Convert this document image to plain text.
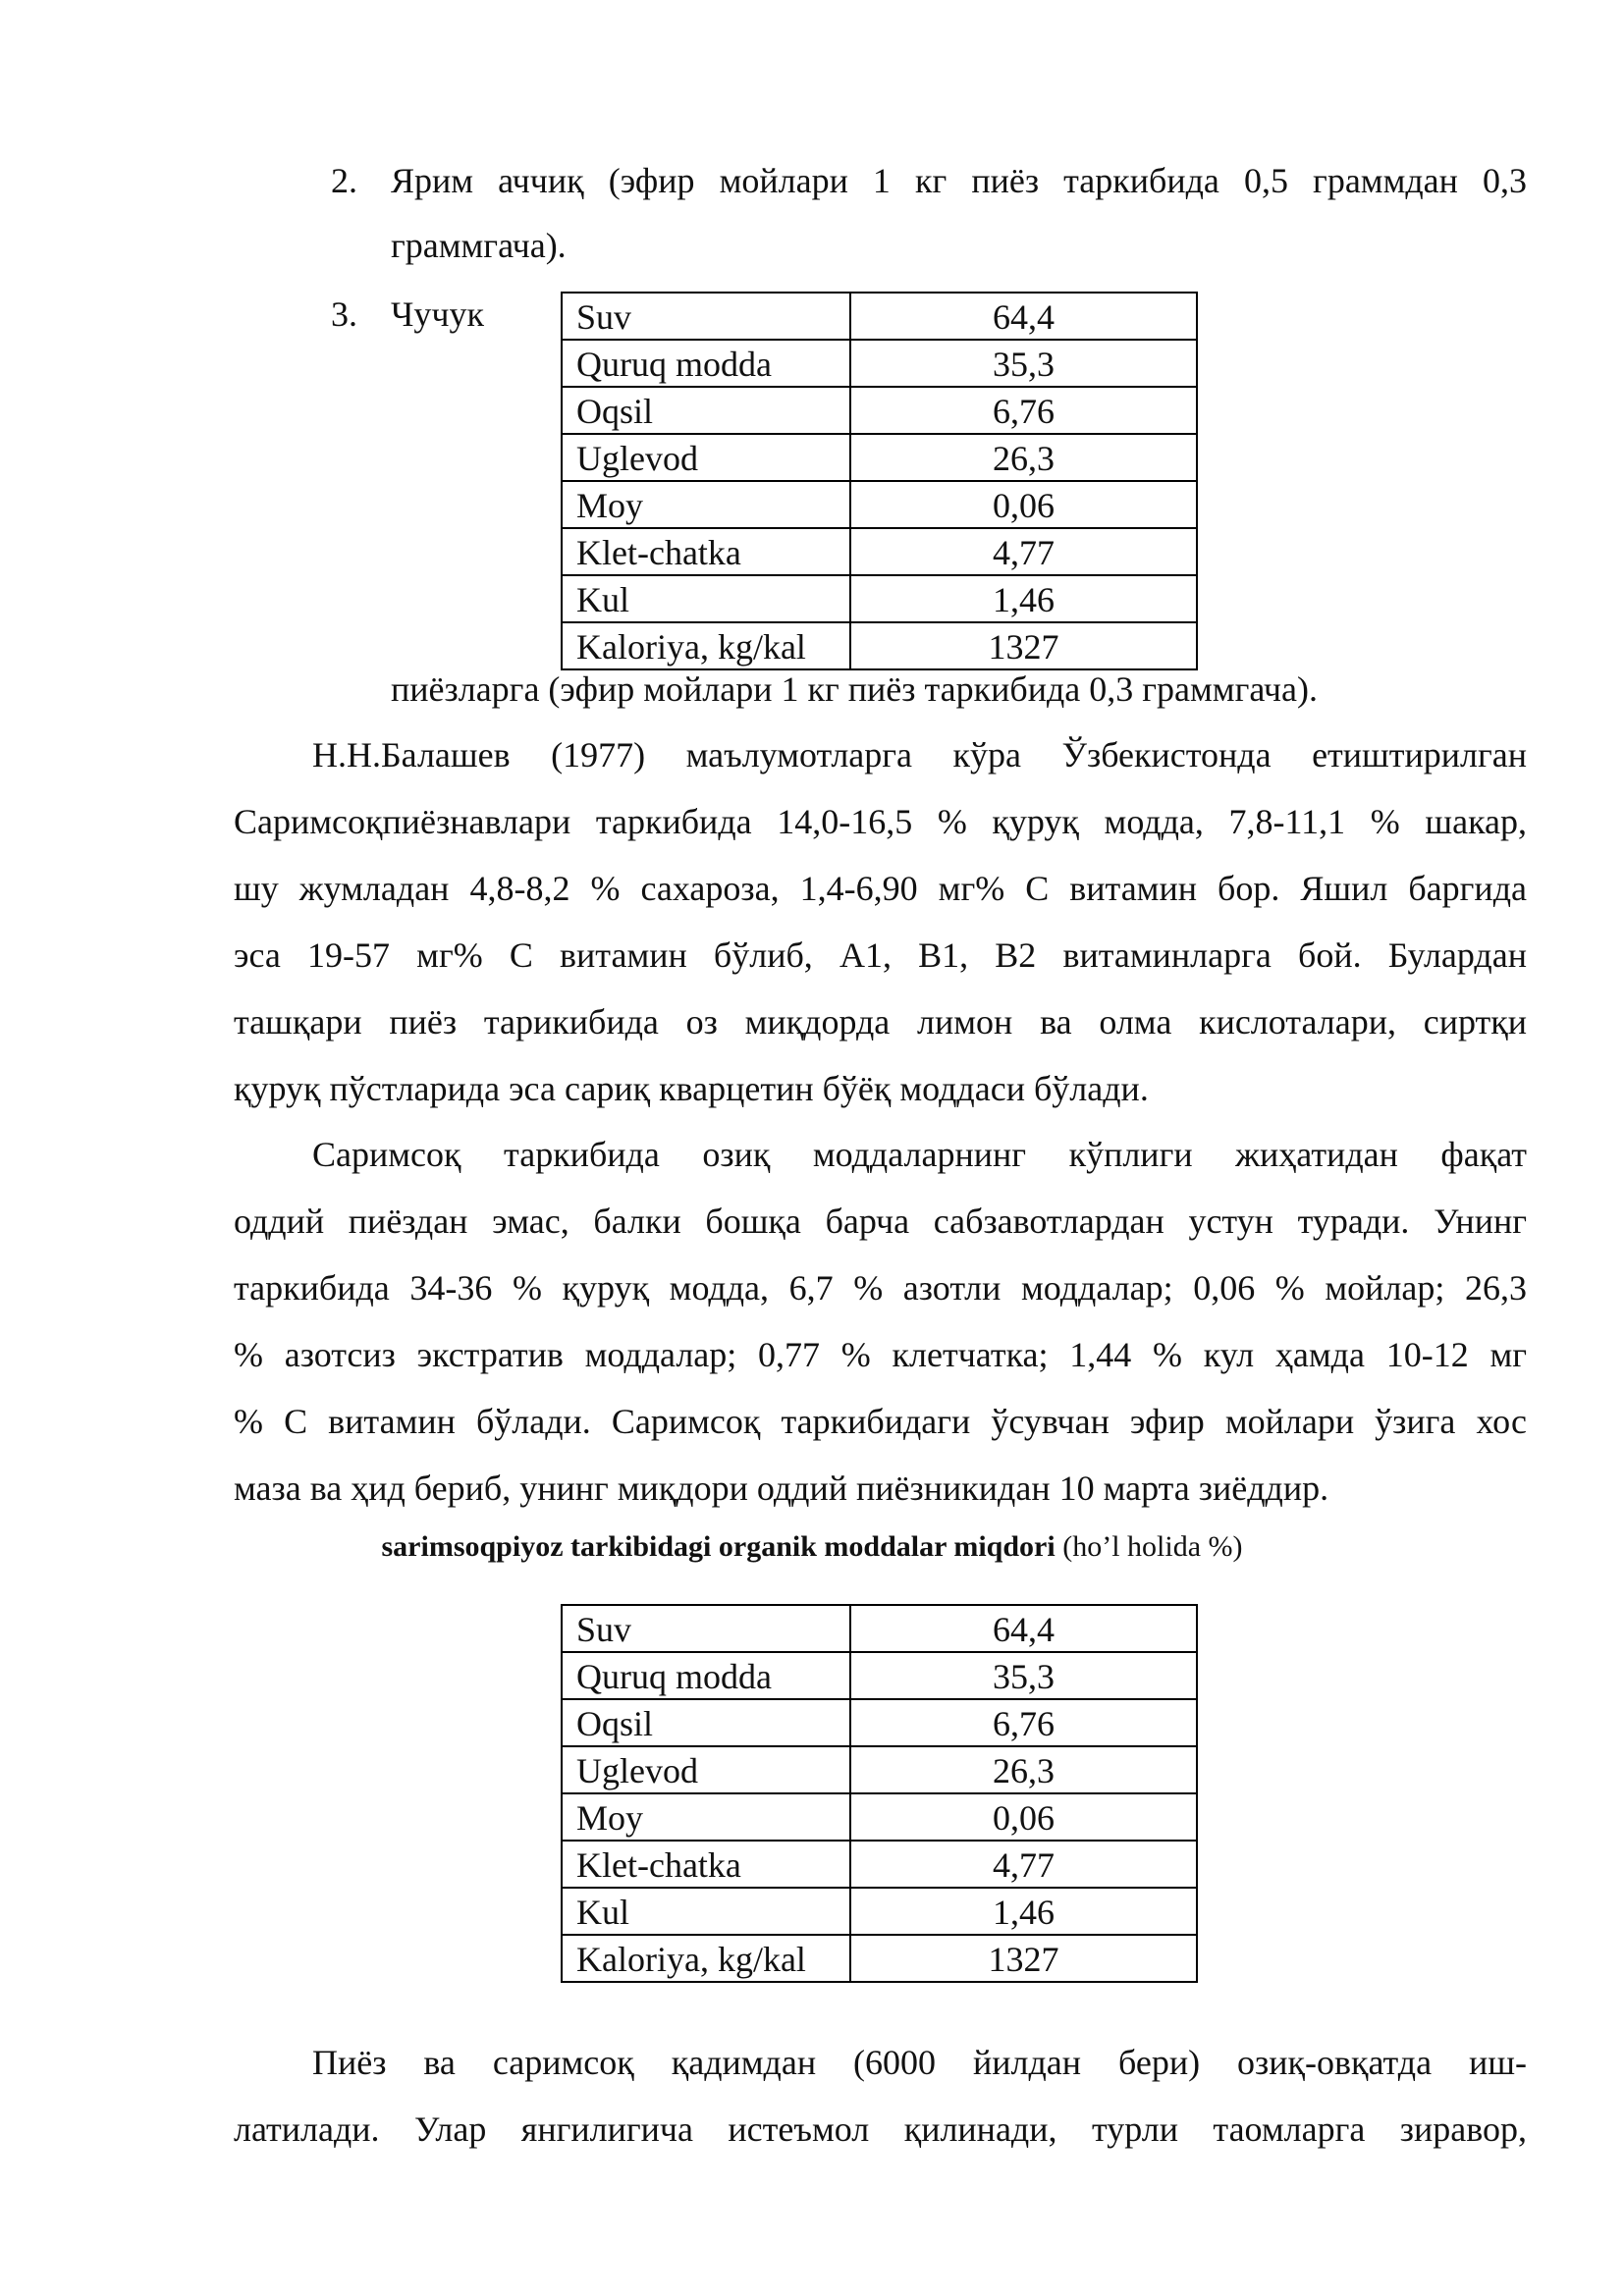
2. Ярим аччиқ (эфир мойлари 1 кг пиёз таркибида 0,5 граммдан 0,3
граммгача).
3. Чучук	Suv	64,4
Quruq modda	35,3
Oqsil	6,76
Uglevod	26,3
Moy	0,06
Klet-chatka	4,77
Kul	1,46
Kaloriya, kg/kal	1327
пиёзларга (эфир мойлари 1 кг пиёз таркибида 0,3 граммгача).
Н.Н.Балашев (1977) маълумотларга кўра Ўзбекистонда етиштирилган
Саримсоқпиёзнавлари таркибида 14,0-16,5 % қуруқ модда, 7,8-11,1 % шакар,
шу жумладан 4,8-8,2 % сахароза, 1,4-6,90 мг% С витамин бор. Яшил баргида
эса 19-57 мг% С витамин бўлиб, А1, В1, В2 витаминларга бой. Булардан
ташқари пиёз тарикибида оз миқдорда лимон ва олма кислоталари, сиртқи
қуруқ пўстларида эса сариқ кварцетин бўёқ моддаси бўлади.
Саримсоқ таркибида озиқ моддаларнинг кўплиги жиҳатидан фақат
оддий пиёздан эмас, балки бошқа барча сабзавотлардан устун туради. Унинг
таркибида 34-36 % қуруқ модда, 6,7 % азотли моддалар; 0,06 % мойлар; 26,3
% азотсиз экстратив моддалар; 0,77 % клетчатка; 1,44 % кул ҳамда 10-12 мг
% С витамин бўлади. Саримсоқ таркибидаги ўсувчан эфир мойлари ўзига хос
маза ва ҳид бериб, унинг миқдори оддий пиёзникидан 10 марта зиёддир.
sarimsoqpiyoz tarkibidagi organik moddalar miqdori (ho’l holida %)
Suv	64,4
Quruq modda	35,3
Oqsil	6,76
Uglevod	26,3
Moy	0,06
Klet-chatka	4,77
Kul	1,46
Kaloriya, kg/kal	1327
Пиёз ва саримсоқ қадимдан (6000 йилдан бери) озиқ-овқатда иш-
латилади. Улар янгилигича истеъмол қилинади, турли таомларга зиравор,
